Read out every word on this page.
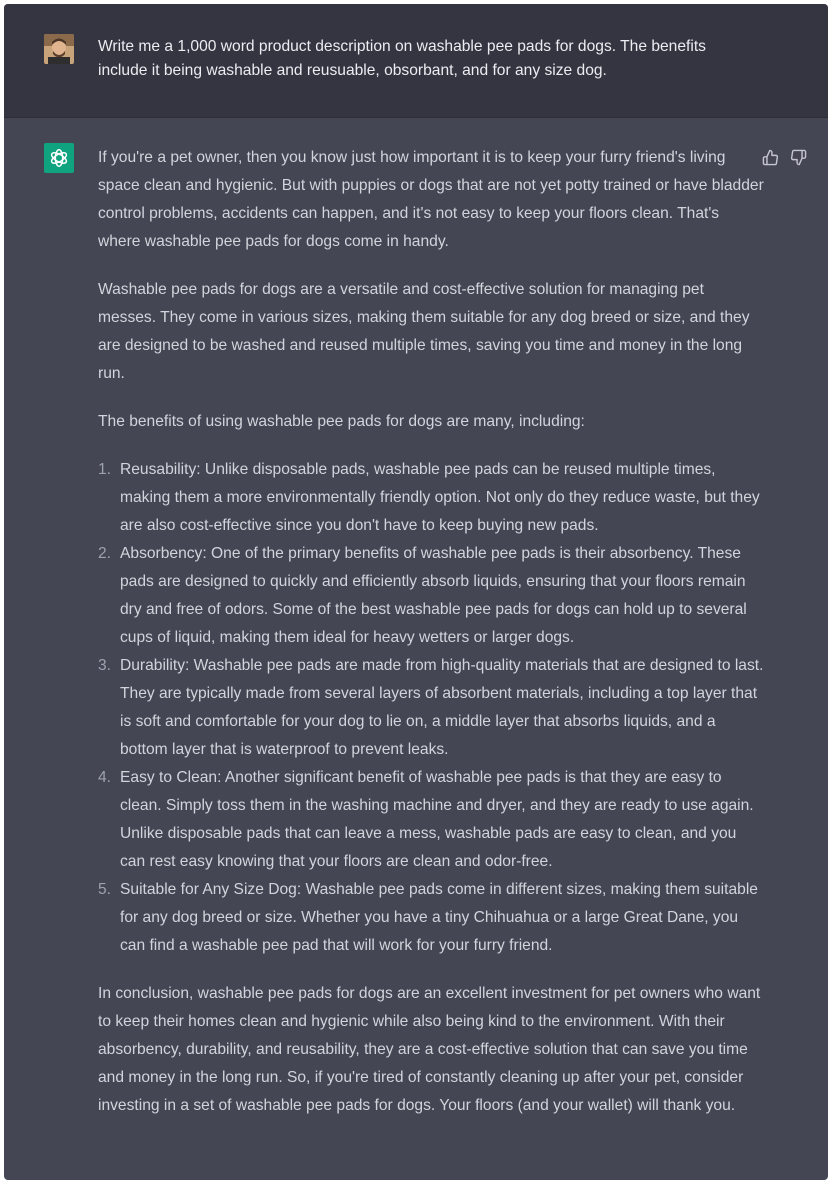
Write me a 1,000 word product description on washable pee pads for dogs. The benefits include it being washable and reusuable, obsorbant, and for any size dog.

If you're a pet owner, then you know just how important it is to keep your furry friend's living space clean and hygienic. But with puppies or dogs that are not yet potty trained or have bladder control problems, accidents can happen, and it's not easy to keep your floors clean. That's where washable pee pads for dogs come in handy.

Washable pee pads for dogs are a versatile and cost-effective solution for managing pet messes. They come in various sizes, making them suitable for any dog breed or size, and they are designed to be washed and reused multiple times, saving you time and money in the long run.

The benefits of using washable pee pads for dogs are many, including:

1. Reusability: Unlike disposable pads, washable pee pads can be reused multiple times, making them a more environmentally friendly option. Not only do they reduce waste, but they are also cost-effective since you don't have to keep buying new pads.
2. Absorbency: One of the primary benefits of washable pee pads is their absorbency. These pads are designed to quickly and efficiently absorb liquids, ensuring that your floors remain dry and free of odors. Some of the best washable pee pads for dogs can hold up to several cups of liquid, making them ideal for heavy wetters or larger dogs.
3. Durability: Washable pee pads are made from high-quality materials that are designed to last. They are typically made from several layers of absorbent materials, including a top layer that is soft and comfortable for your dog to lie on, a middle layer that absorbs liquids, and a bottom layer that is waterproof to prevent leaks.
4. Easy to Clean: Another significant benefit of washable pee pads is that they are easy to clean. Simply toss them in the washing machine and dryer, and they are ready to use again. Unlike disposable pads that can leave a mess, washable pads are easy to clean, and you can rest easy knowing that your floors are clean and odor-free.
5. Suitable for Any Size Dog: Washable pee pads come in different sizes, making them suitable for any dog breed or size. Whether you have a tiny Chihuahua or a large Great Dane, you can find a washable pee pad that will work for your furry friend.

In conclusion, washable pee pads for dogs are an excellent investment for pet owners who want to keep their homes clean and hygienic while also being kind to the environment. With their absorbency, durability, and reusability, they are a cost-effective solution that can save you time and money in the long run. So, if you're tired of constantly cleaning up after your pet, consider investing in a set of washable pee pads for dogs. Your floors (and your wallet) will thank you.
